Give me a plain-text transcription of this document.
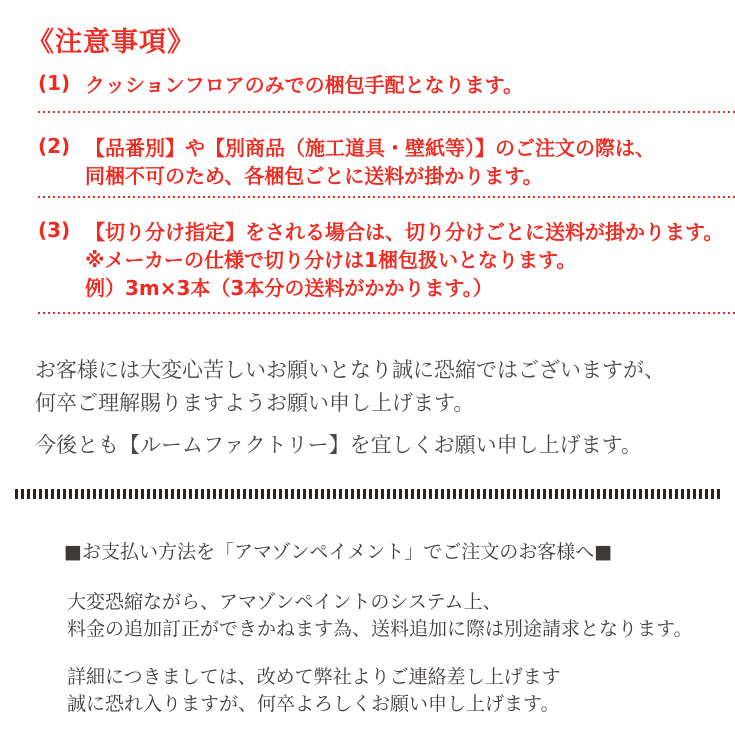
《注意事項》
(1) クッションフロアのみでの梱包手配となります。
(2) 【品番別】や【別商品（施工道具・壁紙等）】のご注文の際は、
同梱不可のため、各梱包ごとに送料が掛かります。
(3) 【切り分け指定】をされる場合は、切り分けごとに送料が掛かります。
※メーカーの仕様で切り分けは1梱包扱いとなります。
例）3m×3本（3本分の送料がかかります。）
お客様には大変心苦しいお願いとなり誠に恐縮ではございますが、
何卒ご理解賜りますようお願い申し上げます。
今後とも【ルームファクトリー】を宜しくお願い申し上げます。
■お支払い方法を「アマゾンペイメント」でご注文のお客様へ■
大変恐縮ながら、アマゾンペイントのシステム上、
料金の追加訂正ができかねます為、送料追加に際は別途請求となります。
詳細につきましては、改めて弊社よりご連絡差し上げます
誠に恐れ入りますが、何卒よろしくお願い申し上げます。
